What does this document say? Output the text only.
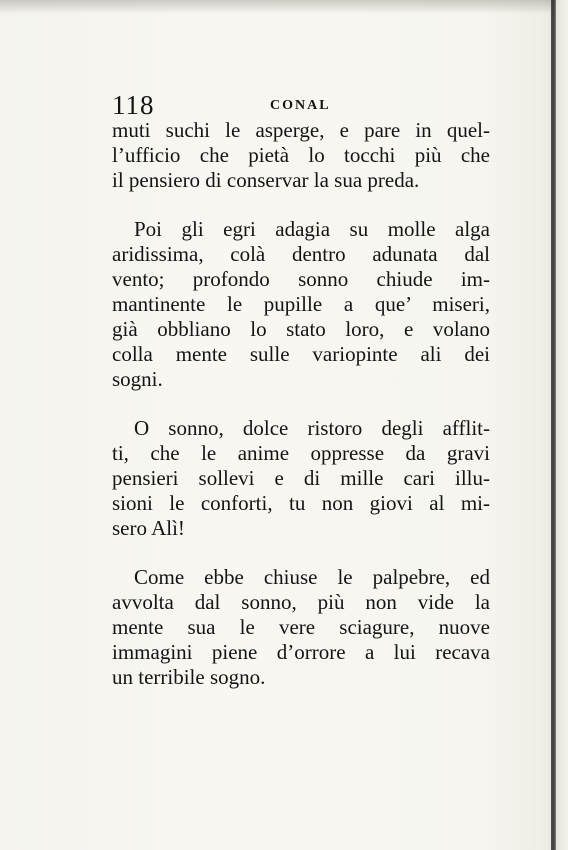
118	CONAL

muti suchi le asperge, e pare in quel-
l’ufficio che pietà lo tocchi più che
il pensiero di conservar la sua preda.

Poi gli egri adagia su molle alga
aridissima, colà dentro adunata dal
vento; profondo sonno chiude im-
mantinente le pupille a que’ miseri,
già obbliano lo stato loro, e volano
colla mente sulle variopinte ali dei
sogni.

O sonno, dolce ristoro degli afflit-
ti, che le anime oppresse da gravi
pensieri sollevi e di mille cari illu-
sioni le conforti, tu non giovi al mi-
sero Alì!

Come ebbe chiuse le palpebre, ed
avvolta dal sonno, più non vide la
mente sua le vere sciagure, nuove
immagini piene d’orrore a lui recava
un terribile sogno.
